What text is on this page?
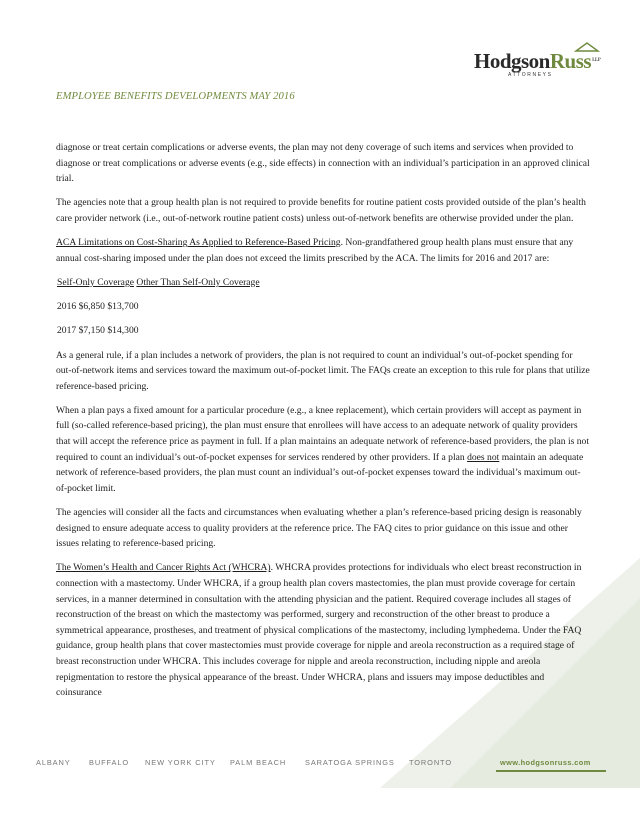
HodgsonRuss$^{LLP}$
ATTORNEYS
EMPLOYEE BENEFITS DEVELOPMENTS MAY 2016

diagnose or treat certain complications or adverse events, the plan may not deny coverage of such items and services when provided to diagnose or treat complications or adverse events (e.g., side effects) in connection with an individual’s participation in an approved clinical trial.

The agencies note that a group health plan is not required to provide benefits for routine patient costs provided outside of the plan’s health care provider network (i.e., out-of-network routine patient costs) unless out-of-network benefits are otherwise provided under the plan.

ACA Limitations on Cost-Sharing As Applied to Reference-Based Pricing. Non-grandfathered group health plans must ensure that any annual cost-sharing imposed under the plan does not exceed the limits prescribed by the ACA. The limits for 2016 and 2017 are:

Self-Only Coverage Other Than Self-Only Coverage

2016 $6,850 $13,700

2017 $7,150 $14,300

As a general rule, if a plan includes a network of providers, the plan is not required to count an individual’s out-of-pocket spending for out-of-network items and services toward the maximum out-of-pocket limit. The FAQs create an exception to this rule for plans that utilize reference-based pricing.

When a plan pays a fixed amount for a particular procedure (e.g., a knee replacement), which certain providers will accept as payment in full (so-called reference-based pricing), the plan must ensure that enrollees will have access to an adequate network of quality providers that will accept the reference price as payment in full. If a plan maintains an adequate network of reference-based providers, the plan is not required to count an individual’s out-of-pocket expenses for services rendered by other providers. If a plan does not maintain an adequate network of reference-based providers, the plan must count an individual’s out-of-pocket expenses toward the individual’s maximum out-of-pocket limit.

The agencies will consider all the facts and circumstances when evaluating whether a plan’s reference-based pricing design is reasonably designed to ensure adequate access to quality providers at the reference price. The FAQ cites to prior guidance on this issue and other issues relating to reference-based pricing.

The Women’s Health and Cancer Rights Act (WHCRA). WHCRA provides protections for individuals who elect breast reconstruction in connection with a mastectomy. Under WHCRA, if a group health plan covers mastectomies, the plan must provide coverage for certain services, in a manner determined in consultation with the attending physician and the patient. Required coverage includes all stages of reconstruction of the breast on which the mastectomy was performed, surgery and reconstruction of the other breast to produce a symmetrical appearance, prostheses, and treatment of physical complications of the mastectomy, including lymphedema. Under the FAQ guidance, group health plans that cover mastectomies must provide coverage for nipple and areola reconstruction as a required stage of breast reconstruction under WHCRA. This includes coverage for nipple and areola reconstruction, including nipple and areola repigmentation to restore the physical appearance of the breast. Under WHCRA, plans and issuers may impose deductibles and coinsurance

ALBANY BUFFALO NEW YORK CITY PALM BEACH	SARATOGA SPRINGS TORONTO	www.hodgsonruss.com
